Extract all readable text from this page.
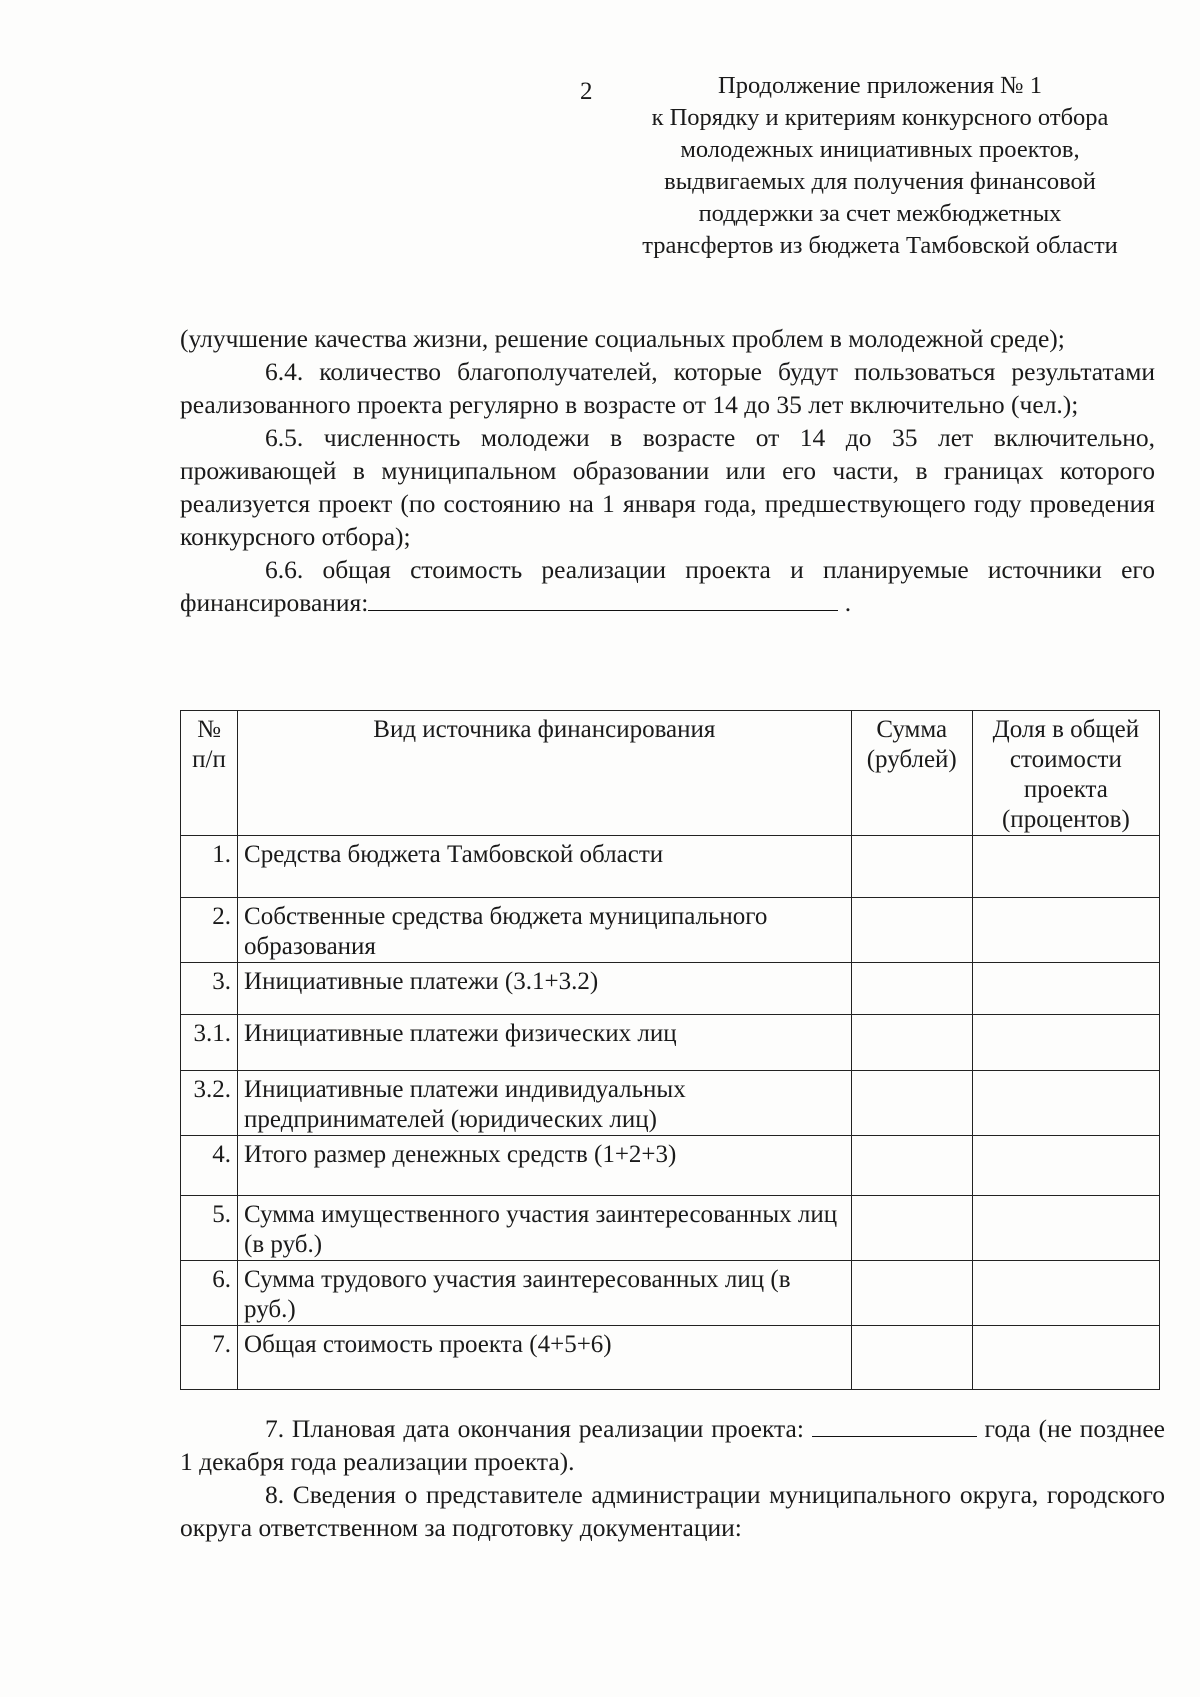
2	Продолжение приложения № 1
к Порядку и критериям конкурсного отбора
молодежных инициативных проектов,
выдвигаемых для получения финансовой
поддержки за счет межбюджетных
трансфертов из бюджета Тамбовской области

(улучшение качества жизни, решение социальных проблем в молодежной среде);

6.4. количество благополучателей, которые будут пользоваться результатами реализованного проекта регулярно в возрасте от 14 до 35 лет включительно (чел.);

6.5. численность молодежи в возрасте от 14 до 35 лет включительно, проживающей в муниципальном образовании или его части, в границах которого реализуется проект (по состоянию на 1 января года, предшествующего году проведения конкурсного отбора);

6.6. общая стоимость реализации проекта и планируемые источники его финансирования:	.

№ п/п	Вид источника финансирования	Сумма (рублей)	Доля в общей стоимости проекта (процентов)
1.	Средства бюджета Тамбовской области		
2.	Собственные средства бюджета муниципального образования		
3.	Инициативные платежи (3.1+3.2)		
3.1.	Инициативные платежи физических лиц		
3.2.	Инициативные платежи индивидуальных предпринимателей (юридических лиц)		
4.	Итого размер денежных средств (1+2+3)		
5.	Сумма имущественного участия заинтересованных лиц (в руб.)		
6.	Сумма трудового участия заинтересованных лиц (в руб.)		
7.	Общая стоимость проекта (4+5+6)		

7. Плановая дата окончания реализации проекта:	года (не позднее 1 декабря года реализации проекта).

8. Сведения о представителе администрации муниципального округа, городского округа ответственном за подготовку документации:
